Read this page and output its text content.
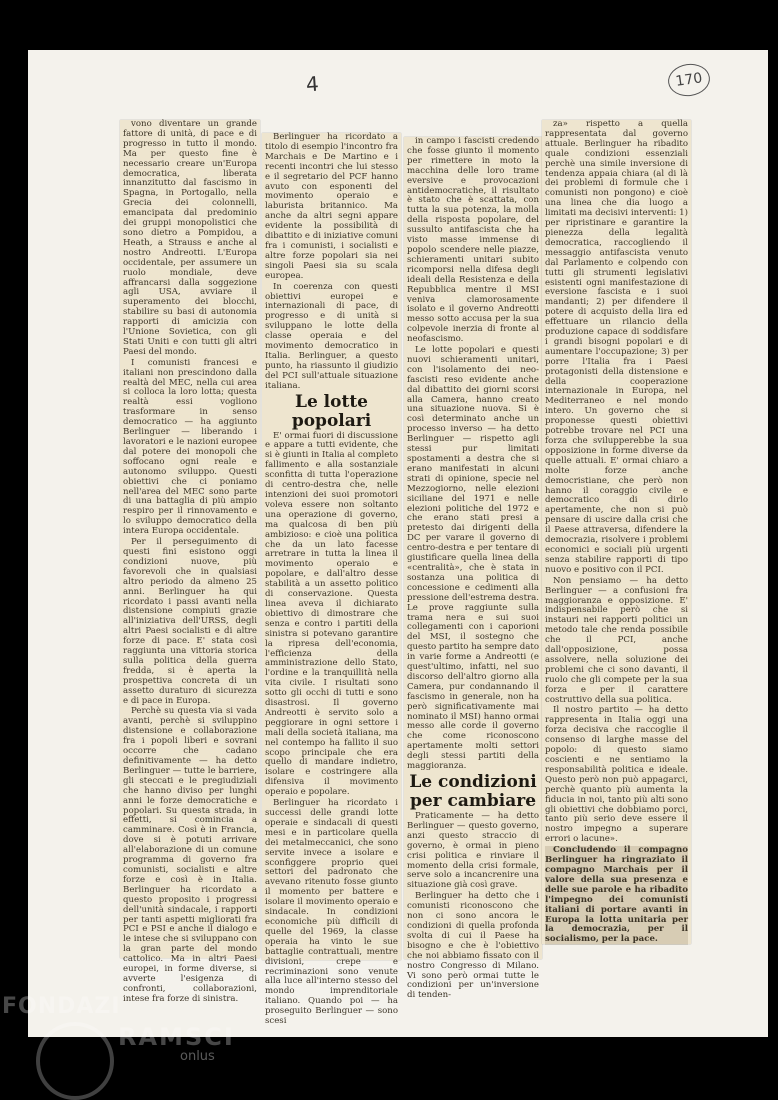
4	170

vono diventare un grande fattore di unità, di pace e di progresso in tutto il mondo. Ma per questo fine è necessario creare un'Europa democratica, liberata innanzitutto dal fascismo in Spagna, in Portogallo, nella Grecia dei colonnelli, emancipata dal predominio dei gruppi monopolistici che sono dietro a Pompidou, a Heath, a Strauss e anche al nostro Andreotti. L'Europa occidentale, per assumere un ruolo mondiale, deve affrancarsi dalla soggezione agli USA, avviare il superamento dei blocchi, stabilire su basi di autonomia rapporti di amicizia con l'Unione Sovietica, con gli Stati Uniti e con tutti gli altri Paesi del mondo.

I comunisti francesi e italiani non prescindono dalla realtà del MEC, nella cui area si colloca la loro lotta; questa realtà essi vogliono trasformare in senso democratico — ha aggiunto Berlinguer — liberando i lavoratori e le nazioni europee dal potere dei monopoli che soffocano ogni reale e autonomo sviluppo. Questi obiettivi che ci poniamo nell'area del MEC sono parte di una battaglia di più ampio respiro per il rinnovamento e lo sviluppo democratico della intera Europa occidentale.

Per il perseguimento di questi fini esistono oggi condizioni nuove, più favorevoli che in qualsiasi altro periodo da almeno 25 anni. Berlinguer ha qui ricordato i passi avanti nella distensione compiuti grazie all'iniziativa dell'URSS, degli altri Paesi socialisti e di altre forze di pace. E' stata così raggiunta una vittoria storica sulla politica della guerra fredda, si è aperta la prospettiva concreta di un assetto duraturo di sicurezza e di pace in Europa.

Perchè su questa via si vada avanti, perchè si sviluppino distensione e collaborazione fra i popoli liberi e sovrani occorre che cadano definitivamente — ha detto Berlinguer — tutte le barriere, gli steccati e le pregiudiziali che hanno diviso per lunghi anni le forze democratiche e popolari. Su questa strada, in effetti, si comincia a camminare. Così è in Francia, dove si è potuti arrivare all'elaborazione di un comune programma di governo fra comunisti, socialisti e altre forze e così è in Italia. Berlinguer ha ricordato a questo proposito i progressi dell'unità sindacale, i rapporti per tanti aspetti migliorati fra PCI e PSI e anche il dialogo e le intese che si sviluppano con la gran parte del mondo cattolico. Ma in altri Paesi europei, in forme diverse, si avverte l'esigenza di confronti, collaborazioni, intese fra forze di sinistra.

Berlinguer ha ricordato a titolo di esempio l'incontro fra Marchais e De Martino e i recenti incontri che lui stesso e il segretario del PCF hanno avuto con esponenti del movimento operaio e laburista britannico. Ma anche da altri segni appare evidente la possibilità di dibattito e di iniziative comuni fra i comunisti, i socialisti e altre forze popolari sia nei singoli Paesi sia su scala europea.

In coerenza con questi obiettivi europei e internazionali di pace, di progresso e di unità si sviluppano le lotte della classe operaia e del movimento democratico in Italia. Berlinguer, a questo punto, ha riassunto il giudizio del PCI sull'attuale situazione italiana.

Le lotte popolari

E' ormai fuori di discussione e appare a tutti evidente, che si è giunti in Italia al completo fallimento e alla sostanziale sconfitta di tutta l'operazione di centro-destra che, nelle intenzioni dei suoi promotori voleva essere non soltanto una operazione di governo, ma qualcosa di ben più ambizioso: e cioè una politica che da un lato facesse arretrare in tutta la linea il movimento operaio e popolare, e dall'altro desse stabilità a un assetto politico di conservazione. Questa linea aveva il dichiarato obiettivo di dimostrare che senza e contro i partiti della sinistra si potevano garantire la ripresa dell'economia, l'efficienza della amministrazione dello Stato, l'ordine e la tranquillità nella vita civile. I risultati sono sotto gli occhi di tutti e sono disastrosi. Il governo Andreotti è servito solo a peggiorare in ogni settore i mali della società italiana, ma nel contempo ha fallito il suo scopo principale che era quello di mandare indietro, isolare e costringere alla difensiva il movimento operaio e popolare.

Berlinguer ha ricordato i successi delle grandi lotte operaie e sindacali di questi mesi e in particolare quella dei metalmeccanici, che sono servite invece a isolare e sconfiggere proprio quei settori del padronato che avevano ritenuto fosse giunto il momento per battere e isolare il movimento operaio e sindacale. In condizioni economiche più difficili di quelle del 1969, la classe operaia ha vinto le sue battaglie contrattuali, mentre divisioni, crepe e recriminazioni sono venute alla luce all'interno stesso del mondo imprenditoriale italiano. Quando poi — ha proseguito Berlinguer — sono scesi

in campo i fascisti credendo che fosse giunto il momento per rimettere in moto la macchina delle loro trame eversive e provocazioni antidemocratiche, il risultato è stato che è scattata, con tutta la sua potenza, la molla della risposta popolare, del sussulto antifascista che ha visto masse immense di popolo scendere nelle piazze, schieramenti unitari subito ricomporsi nella difesa degli ideali della Resistenza e della Repubblica mentre il MSI veniva clamorosamente isolato e il governo Andreotti messo sotto accusa per la sua colpevole inerzia di fronte al neofascismo.

Le lotte popolari e questi nuovi schieramenti unitari, con l'isolamento dei neo-fascisti reso evidente anche dal dibattito dei giorni scorsi alla Camera, hanno creato una situazione nuova. Si è così determinato anche un processo inverso — ha detto Berlinguer — rispetto agli stessi pur limitati spostamenti a destra che si erano manifestati in alcuni strati di opinione, specie nel Mezzogiorno, nelle elezioni siciliane del 1971 e nelle elezioni politiche del 1972 e che erano stati presi a pretesto dai dirigenti della DC per varare il governo di centro-destra e per tentare di giustificare quella linea della «centralità», che è stata in sostanza una politica di concessione e cedimenti alla pressione dell'estrema destra. Le prove raggiunte sulla trama nera e sui suoi collegamenti con i caporioni del MSI, il sostegno che questo partito ha sempre dato in varie forme a Andreotti (e quest'ultimo, infatti, nel suo discorso dell'altro giorno alla Camera, pur condannando il fascismo in generale, non ha però significativamente mai nominato il MSI) hanno ormai messo alle corde il governo che come riconoscono apertamente molti settori degli stessi partiti della maggioranza.

Le condizioni per cambiare

Praticamente — ha detto Berlinguer — questo governo, anzi questo straccio di governo, è ormai in pieno crisi politica e rinviare il momento della crisi formale, serve solo a incancrenire una situazione già così grave.

Berlinguer ha detto che i comunisti riconoscono che non ci sono ancora le condizioni di quella profonda svolta di cui il Paese ha bisogno e che è l'obiettivo che noi abbiamo fissato con il nostro Congresso di Milano. Vi sono però ormai tutte le condizioni per un'inversione di tenden-

za» rispetto a quella rappresentata dal governo attuale. Berlinguer ha ribadito quale condizioni essenziali perchè una simile inversione di tendenza appaia chiara (al di là dei problemi di formule che i comunisti non pongono) e cioè una linea che dia luogo a limitati ma decisivi interventi: 1) per ripristinare e garantire la pienezza della legalità democratica, raccogliendo il messaggio antifascista venuto dal Parlamento e colpendo con tutti gli strumenti legislativi esistenti ogni manifestazione di eversione fascista e i suoi mandanti; 2) per difendere il potere di acquisto della lira ed effettuare un rilancio della produzione capace di soddisfare i grandi bisogni popolari e di aumentare l'occupazione; 3) per porre l'Italia fra i Paesi protagonisti della distensione e della cooperazione internazionale in Europa, nel Mediterraneo e nel mondo intero. Un governo che si proponesse questi obiettivi potrebbe trovare nel PCI una forza che svilupperebbe la sua opposizione in forme diverse da quelle attuali. E' ormai chiaro a molte forze anche democristiane, che però non hanno il coraggio civile e democratico di dirlo apertamente, che non si può pensare di uscire dalla crisi che il Paese attraversa, difendere la democrazia, risolvere i problemi economici e sociali più urgenti senza stabilire rapporti di tipo nuovo e positivo con il PCI.

Non pensiamo — ha detto Berlinguer — a confusioni fra maggioranza e opposizione. E' indispensabile però che si instauri nei rapporti politici un metodo tale che renda possibile che il PCI, anche dall'opposizione, possa assolvere, nella soluzione dei problemi che ci sono davanti, il ruolo che gli compete per la sua forza e per il carattere costruttivo della sua politica.

Il nostro partito — ha detto rappresenta in Italia oggi una forza decisiva che raccoglie il consenso di larghe masse del popolo: di questo siamo coscienti e ne sentiamo la responsabilità politica e ideale. Questo però non può appagarci, perchè quanto più aumenta la fiducia in noi, tanto più alti sono gli obiettivi che dobbiamo porci, tanto più serio deve essere il nostro impegno a superare errori o lacune».

Concludendo il compagno Berlinguer ha ringraziato il compagno Marchais per il valore della sua presenza e delle sue parole e ha ribadito l'impegno dei comunisti italiani di portare avanti in Europa la lotta unitaria per la democrazia, per il socialismo, per la pace.

FONDAZI
RAMSCI
onlus
